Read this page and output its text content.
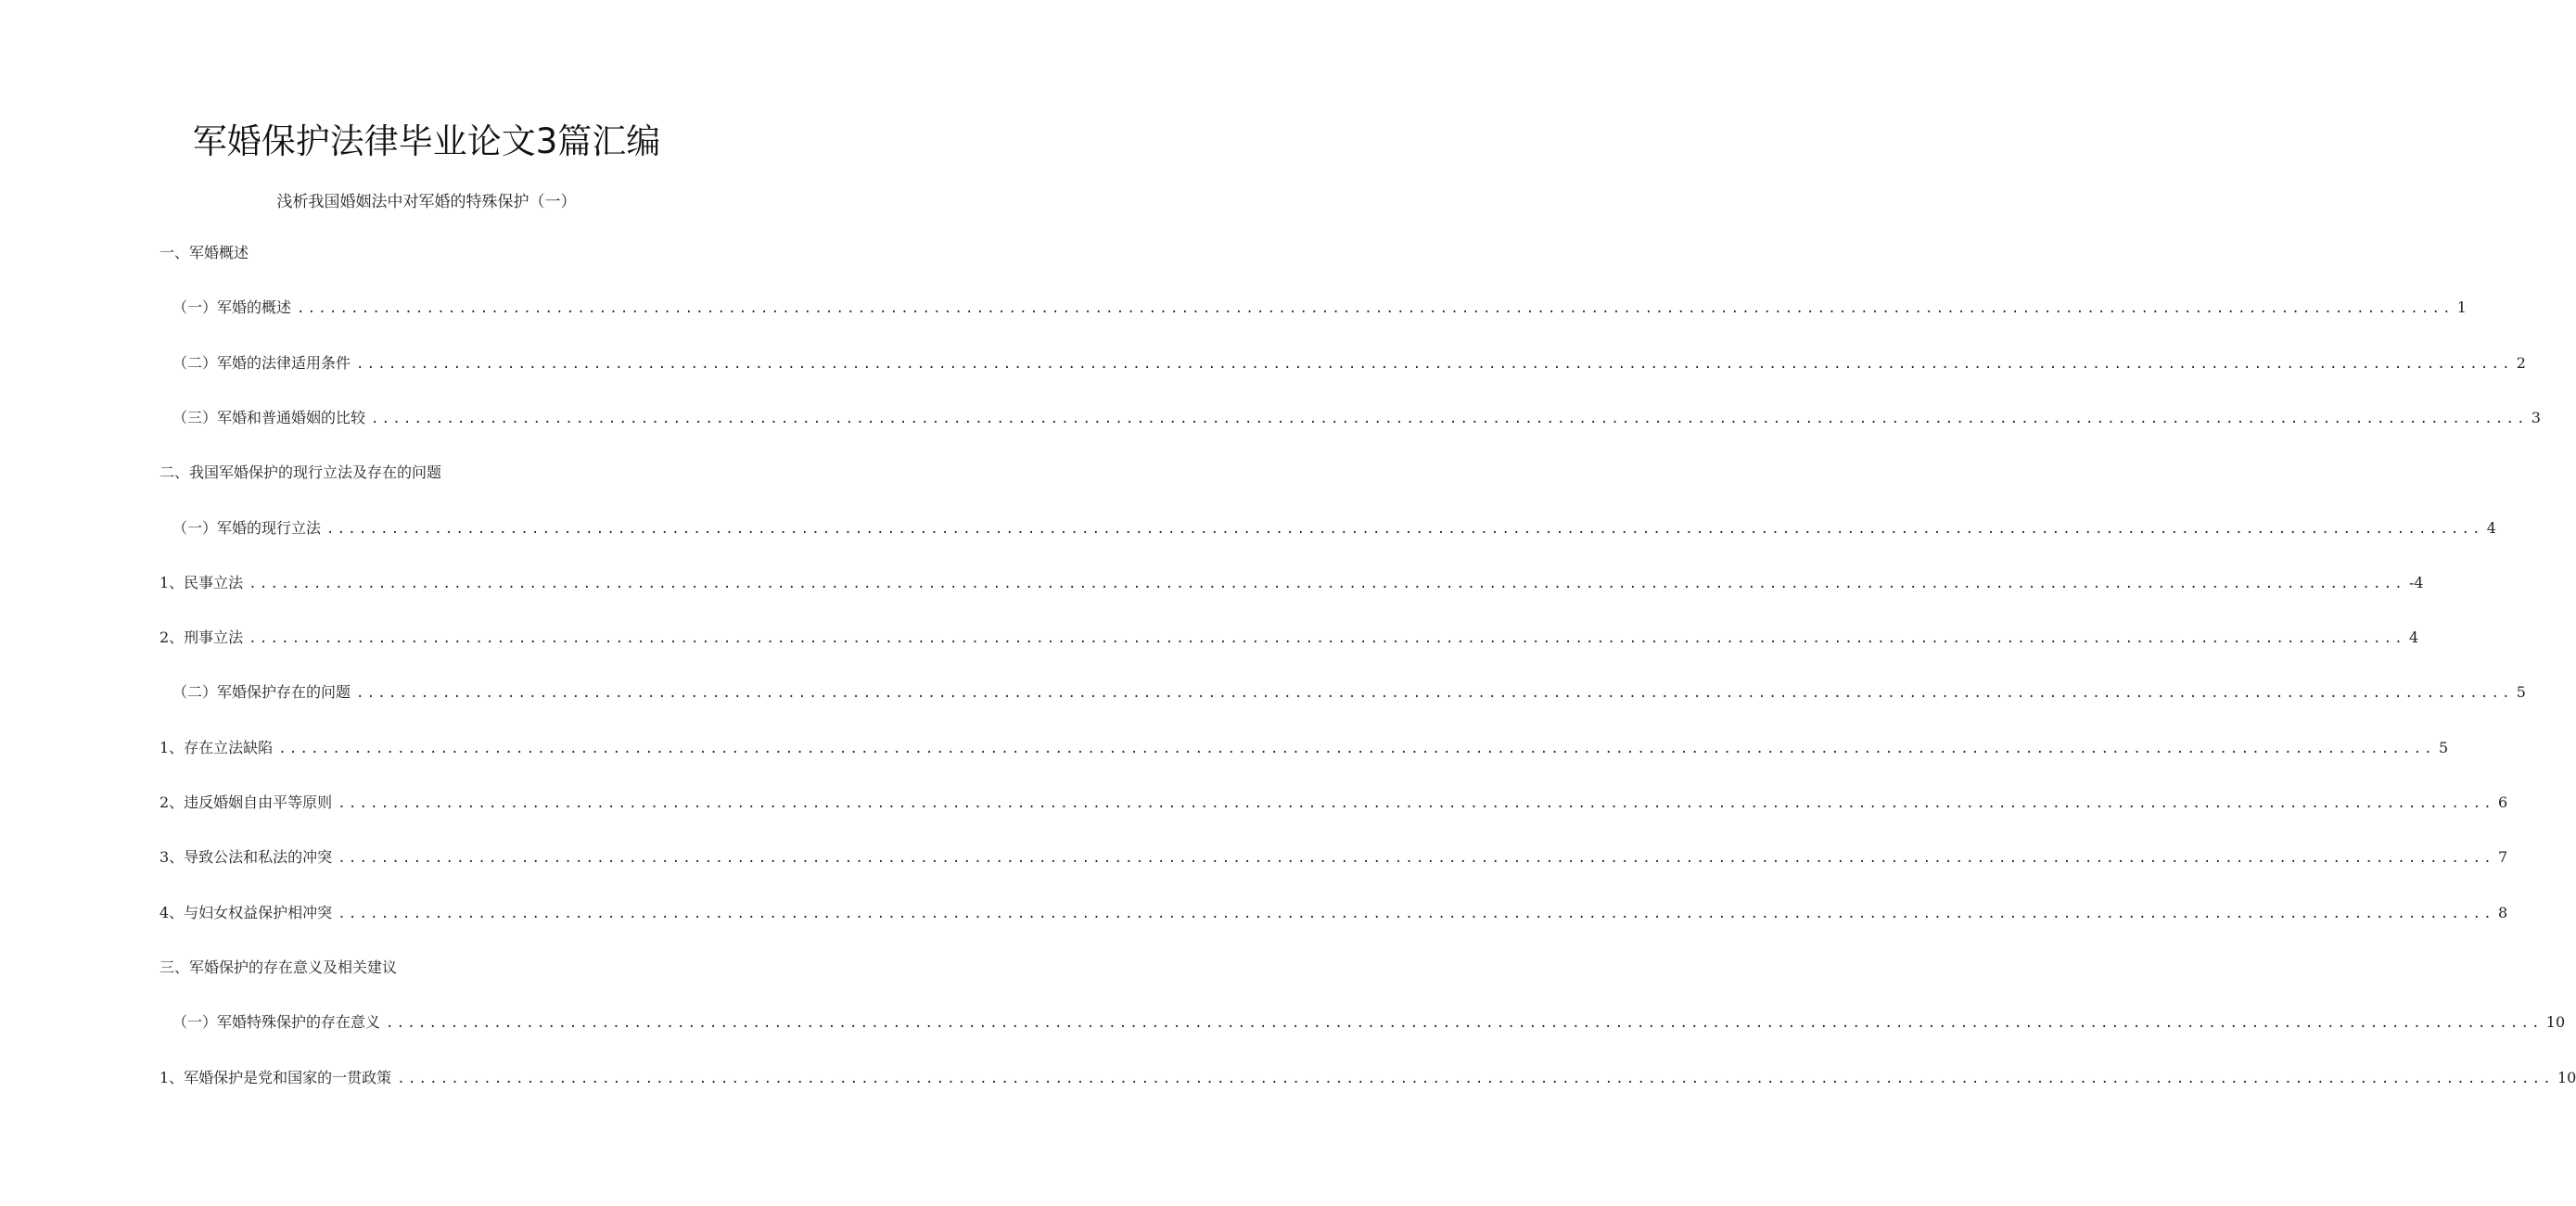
军婚保护法律毕业论文3篇汇编
浅析我国婚姻法中对军婚的特殊保护（一）
一、军婚概述
（一）军婚的概述 ........................................................................................................................................................................................................ 1
（二）军婚的法律适用条件 ........................................................................................................................................................................................................ 2
（三）军婚和普通婚姻的比较 ........................................................................................................................................................................................................ 3
二、我国军婚保护的现行立法及存在的问题
（一）军婚的现行立法 ........................................................................................................................................................................................................ 4
1、民事立法 ........................................................................................................................................................................................................ -4
2、刑事立法 ........................................................................................................................................................................................................ 4
（二）军婚保护存在的问题 ........................................................................................................................................................................................................ 5
1、存在立法缺陷 ........................................................................................................................................................................................................ 5
2、违反婚姻自由平等原则 ........................................................................................................................................................................................................ 6
3、导致公法和私法的冲突 ........................................................................................................................................................................................................ 7
4、与妇女权益保护相冲突 ........................................................................................................................................................................................................ 8
三、军婚保护的存在意义及相关建议
（一）军婚特殊保护的存在意义 ........................................................................................................................................................................................................ 10
1、军婚保护是党和国家的一贯政策 ........................................................................................................................................................................................................ 10
